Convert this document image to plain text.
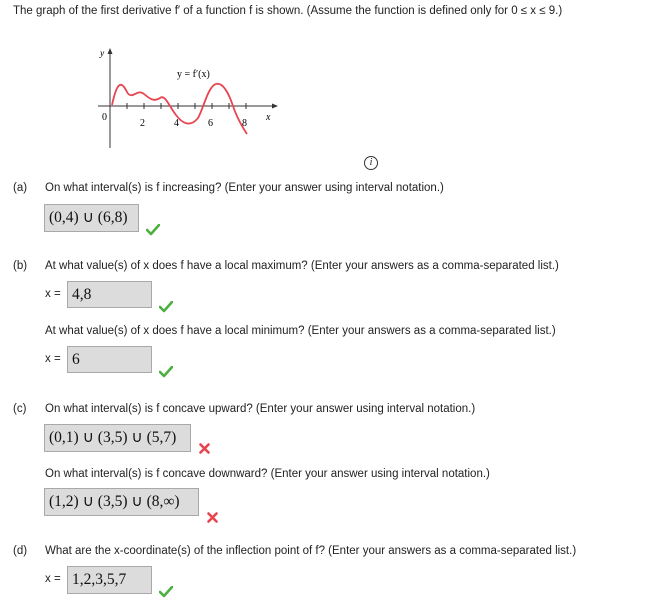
The graph of the first derivative f′ of a function f is shown. (Assume the function is defined only for 0 ≤ x ≤ 9.)
y
x
y = f′(x)
0
2	4	6	8
i
(a) On what interval(s) is f increasing? (Enter your answer using interval notation.)
(0,4) ∪ (6,8)
(b) At what value(s) of x does f have a local maximum? (Enter your answers as a comma-separated list.)
x = 4,8
At what value(s) of x does f have a local minimum? (Enter your answers as a comma-separated list.)
x = 6
(c) On what interval(s) is f concave upward? (Enter your answer using interval notation.)
(0,1) ∪ (3,5) ∪ (5,7)
On what interval(s) is f concave downward? (Enter your answer using interval notation.)
(1,2) ∪ (3,5) ∪ (8,∞)
(d) What are the x-coordinate(s) of the inflection point of f? (Enter your answers as a comma-separated list.)
x = 1,2,3,5,7
